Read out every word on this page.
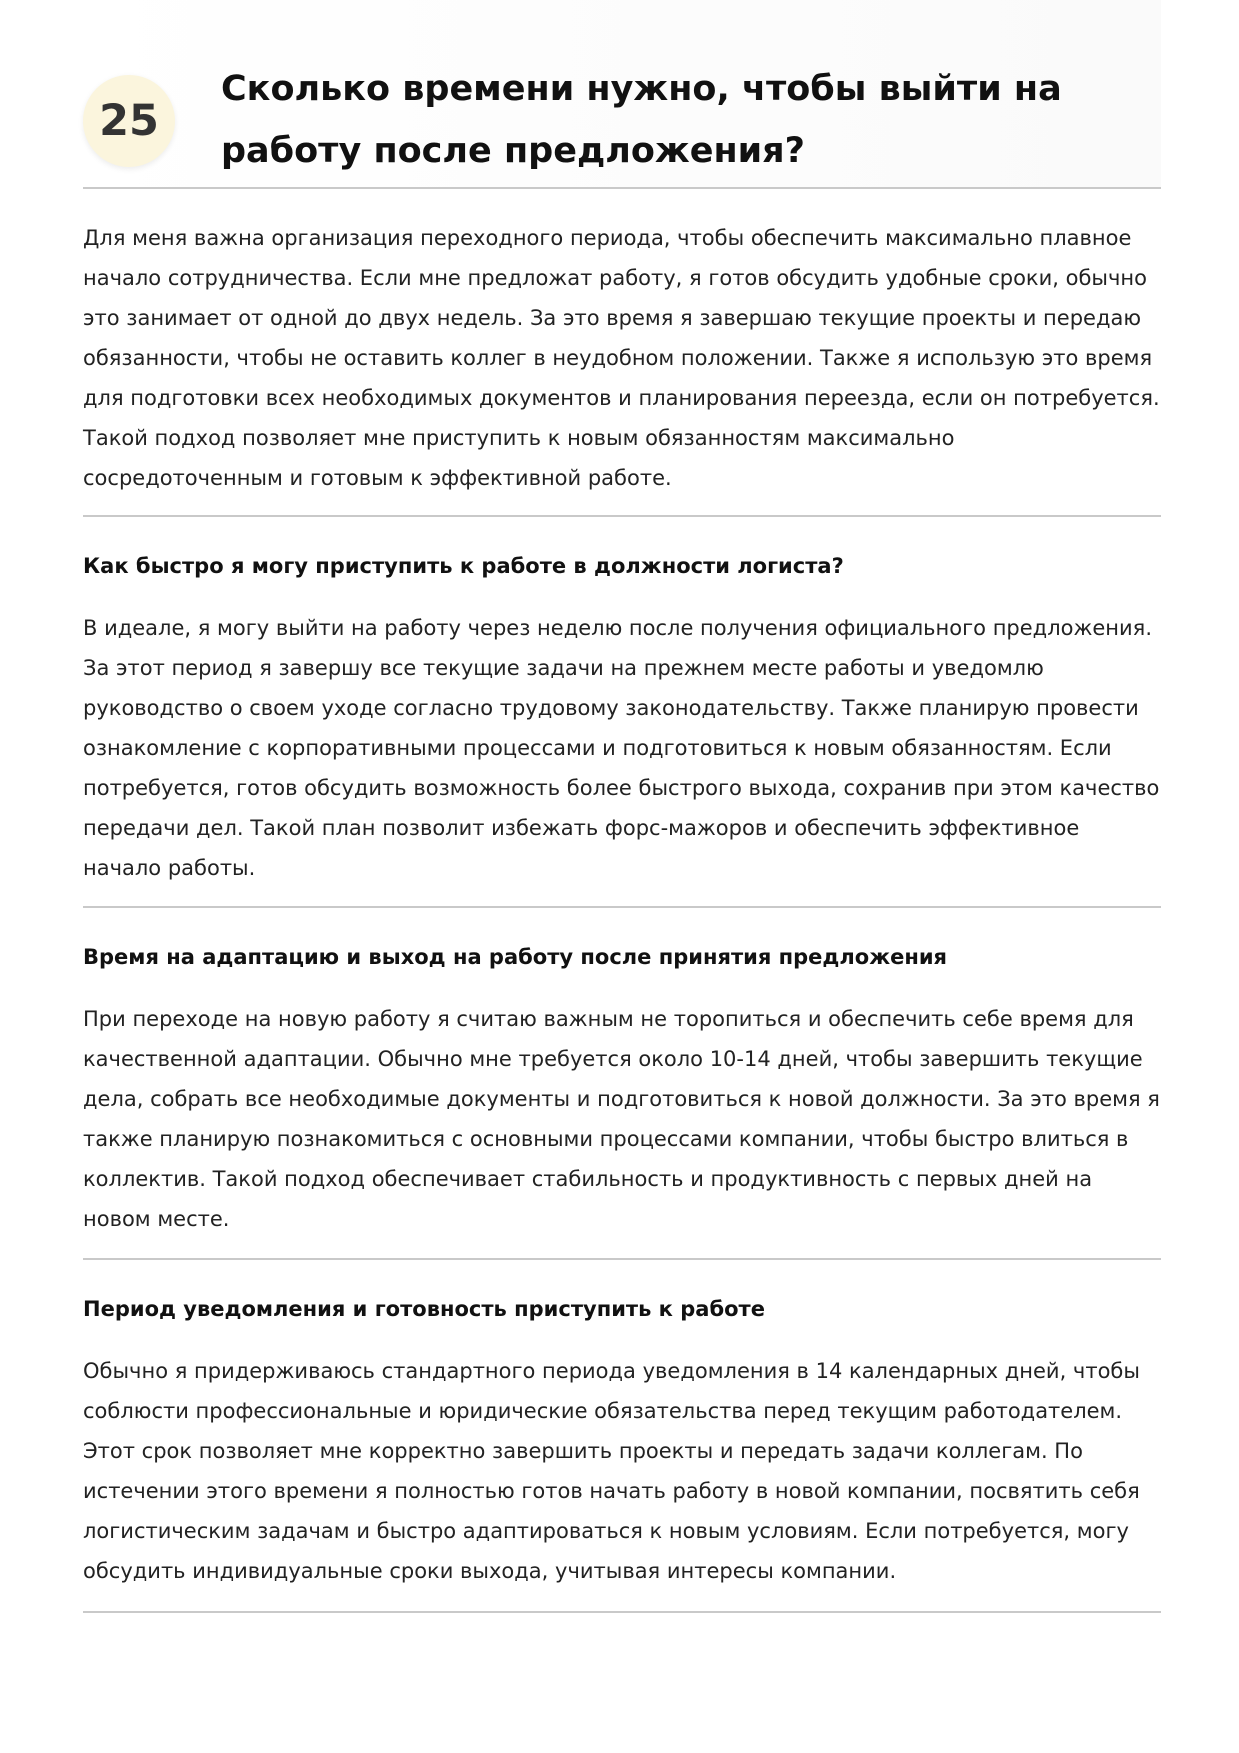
25
Сколько времени нужно, чтобы выйти на работу после предложения?

Для меня важна организация переходного периода, чтобы обеспечить максимально плавное начало сотрудничества. Если мне предложат работу, я готов обсудить удобные сроки, обычно это занимает от одной до двух недель. За это время я завершаю текущие проекты и передаю обязанности, чтобы не оставить коллег в неудобном положении. Также я использую это время для подготовки всех необходимых документов и планирования переезда, если он потребуется. Такой подход позволяет мне приступить к новым обязанностям максимально сосредоточенным и готовым к эффективной работе.

Как быстро я могу приступить к работе в должности логиста?

В идеале, я могу выйти на работу через неделю после получения официального предложения. За этот период я завершу все текущие задачи на прежнем месте работы и уведомлю руководство о своем уходе согласно трудовому законодательству. Также планирую провести ознакомление с корпоративными процессами и подготовиться к новым обязанностям. Если потребуется, готов обсудить возможность более быстрого выхода, сохранив при этом качество передачи дел. Такой план позволит избежать форс-мажоров и обеспечить эффективное начало работы.

Время на адаптацию и выход на работу после принятия предложения

При переходе на новую работу я считаю важным не торопиться и обеспечить себе время для качественной адаптации. Обычно мне требуется около 10-14 дней, чтобы завершить текущие дела, собрать все необходимые документы и подготовиться к новой должности. За это время я также планирую познакомиться с основными процессами компании, чтобы быстро влиться в коллектив. Такой подход обеспечивает стабильность и продуктивность с первых дней на новом месте.

Период уведомления и готовность приступить к работе

Обычно я придерживаюсь стандартного периода уведомления в 14 календарных дней, чтобы соблюсти профессиональные и юридические обязательства перед текущим работодателем. Этот срок позволяет мне корректно завершить проекты и передать задачи коллегам. По истечении этого времени я полностью готов начать работу в новой компании, посвятить себя логистическим задачам и быстро адаптироваться к новым условиям. Если потребуется, могу обсудить индивидуальные сроки выхода, учитывая интересы компании.
